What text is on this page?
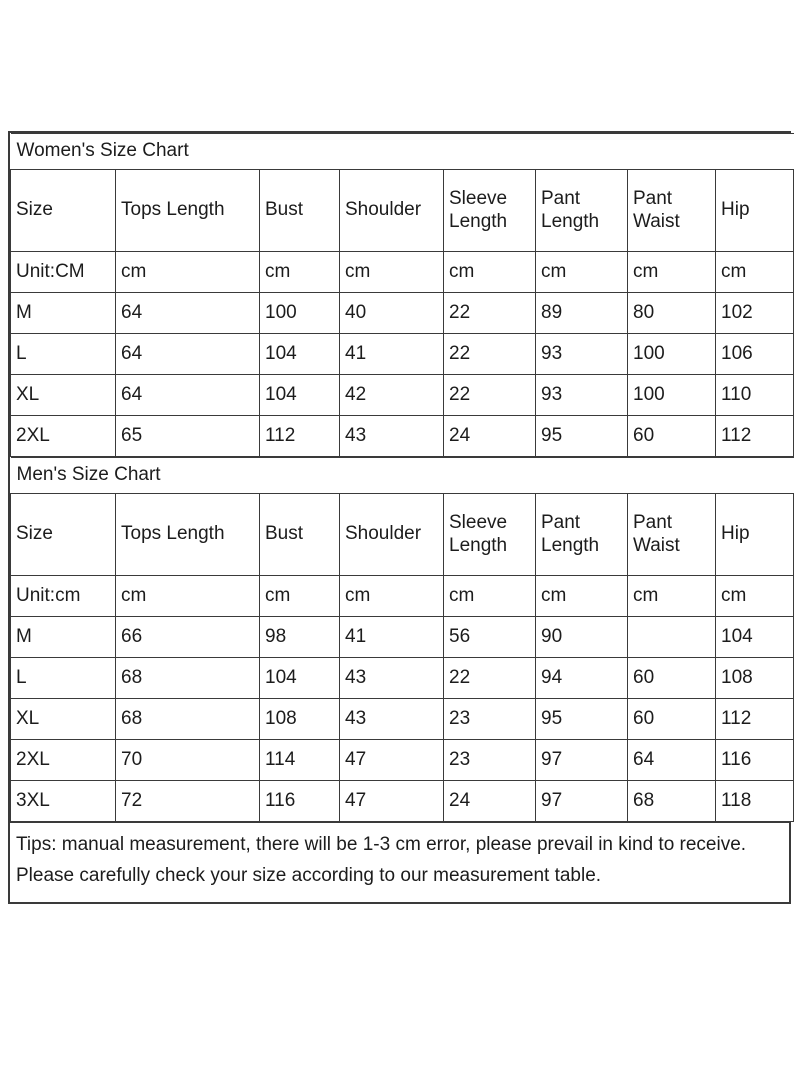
Women's Size Chart							
Size	Tops Length	Bust	Shoulder	Sleeve Length	Pant Length	Pant Waist	Hip
Unit:CM	cm	cm	cm	cm	cm	cm	cm
M	64	100	40	22	89	80	102
L	64	104	41	22	93	100	106
XL	64	104	42	22	93	100	110
2XL	65	112	43	24	95	60	112
Men's Size Chart							
Size	Tops Length	Bust	Shoulder	Sleeve Length	Pant Length	Pant Waist	Hip
Unit:cm	cm	cm	cm	cm	cm	cm	cm
M	66	98	41	56	90		104
L	68	104	43	22	94	60	108
XL	68	108	43	23	95	60	112
2XL	70	114	47	23	97	64	116
3XL	72	116	47	24	97	68	118

Tips: manual measurement, there will be 1-3 cm error, please prevail in kind to receive.

Please carefully check your size according to our measurement table.
